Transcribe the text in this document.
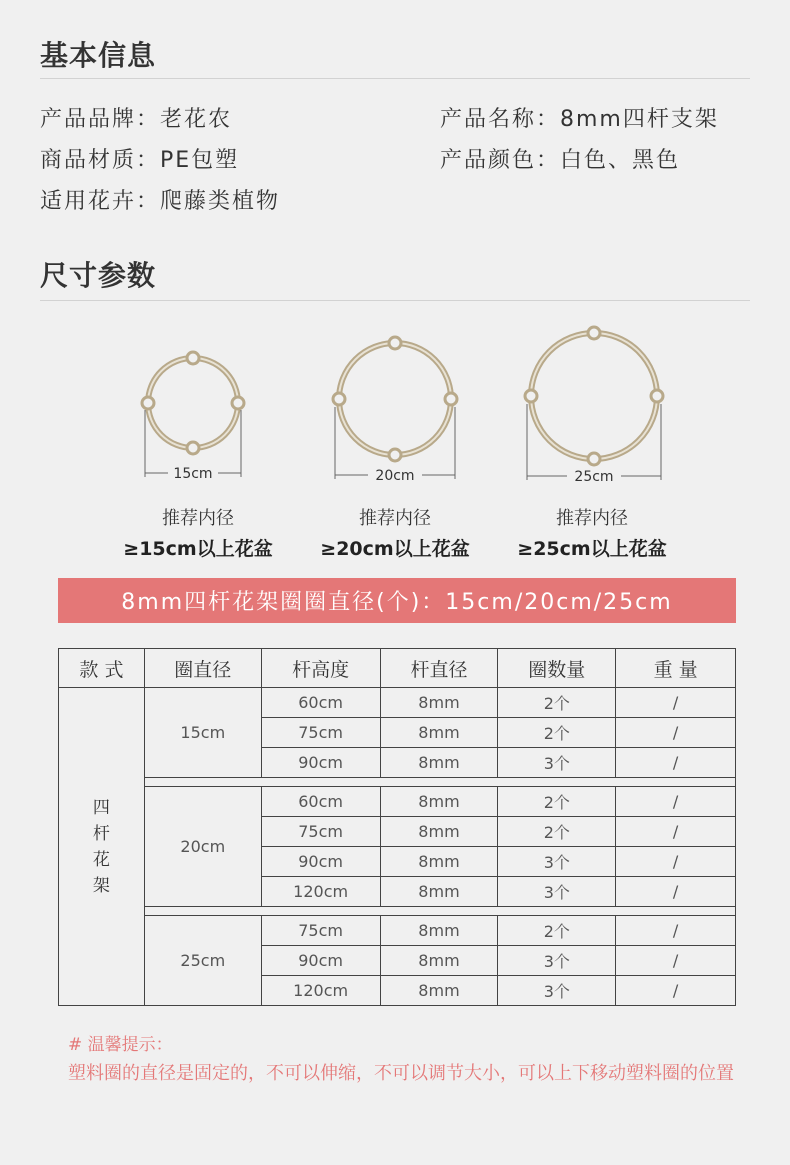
基本信息
产品品牌：老花农	产品名称：8mm四杆支架
商品材质：PE包塑	产品颜色：白色、黑色
适用花卉：爬藤类植物
尺寸参数
15cm	20cm	25cm
推荐内径
≥15cm以上花盆
推荐内径
≥20cm以上花盆
推荐内径
≥25cm以上花盆
8mm四杆花架圈圈直径(个)：15cm/20cm/25cm
款 式	圈直径	杆高度	杆直径	圈数量	重 量

四杆花架	15cm	60cm	8mm	2个	/
		75cm	8mm	2个	/
		90cm	8mm	3个	/

	20cm	60cm	8mm	2个	/
		75cm	8mm	2个	/
		90cm	8mm	3个	/
		120cm	8mm	3个	/

	25cm	75cm	8mm	2个	/
		90cm	8mm	3个	/
		120cm	8mm	3个	/
# 温馨提示：
塑料圈的直径是固定的，不可以伸缩，不可以调节大小，可以上下移动塑料圈的位置
